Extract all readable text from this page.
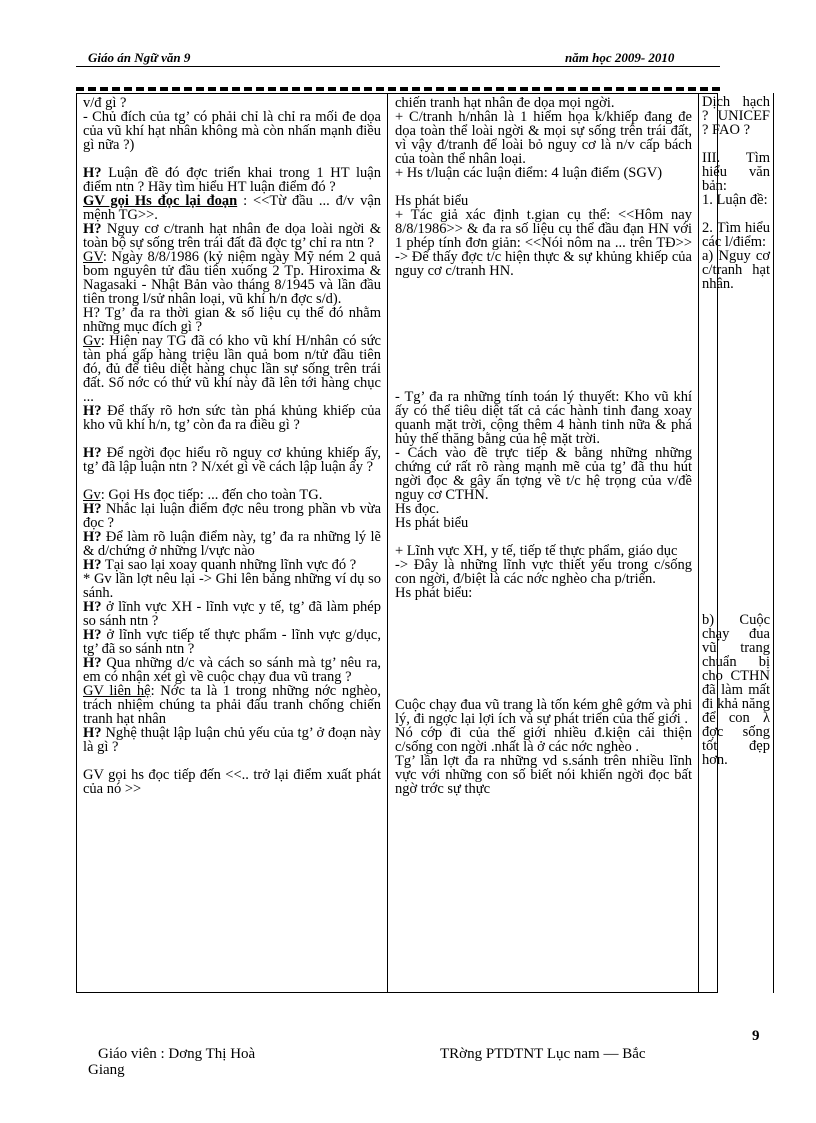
Giáo án Ngữ văn 9	năm học 2009- 2010

v/đ gì ?

- Chủ đích của tg’ có phải chỉ là chỉ ra mối đe dọa của vũ khí hạt nhân không mà còn nhấn mạnh điều gì nữa ?)

H? Luận đề đó đợc triển khai trong 1 HT luận điểm ntn ? Hãy tìm hiểu HT luận điểm đó ?

GV gọi Hs đọc lại đoạn : <<Từ đầu ... đ/v vận mệnh TG>>.

H? Nguy cơ c/tranh hạt nhân đe dọa loài ngời & toàn bộ sự sống trên trái đất đã đợc tg’ chỉ ra ntn ?

GV: Ngày 8/8/1986 (kỷ niệm ngày Mỹ ném 2 quả bom nguyên tử đầu tiên xuống 2 Tp. Hiroxima & Nagasaki - Nhật Bản vào tháng 8/1945 và lần đầu tiên trong l/sử nhân loại, vũ khí h/n đợc s/d).

H? Tg’ đa ra thời gian & số liệu cụ thể đó nhằm những mục đích gì ?

Gv: Hiện nay TG đã có kho vũ khí H/nhân có sức tàn phá gấp hàng triệu lần quả bom n/tử đầu tiên đó, đủ để tiêu diệt hàng chục lần sự sống trên trái đất. Số nớc có thứ vũ khí này đã lên tới hàng chục ...

H? Để thấy rõ hơn sức tàn phá khủng khiếp của kho vũ khí h/n, tg’ còn đa ra điều gì ?

H? Để ngời đọc hiểu rõ nguy cơ khủng khiếp ấy, tg’ đã lập luận ntn ? N/xét gì về cách lập luận ấy ?

Gv: Gọi Hs đọc tiếp: ... đến cho toàn TG.

H? Nhắc lại luận điểm đợc nêu trong phần vb vừa đọc ?

H? Để làm rõ luận điểm này, tg’ đa ra những lý lẽ & d/chứng ở những l/vực nào

H? Tại sao lại xoay quanh những lĩnh vực đó ?

* Gv lần lợt nêu lại -> Ghi lên bảng những ví dụ so sánh.

H? ở lĩnh vực XH - lĩnh vực y tế, tg’ đã làm phép so sánh ntn ?

H? ở lĩnh vực tiếp tế thực phẩm - lĩnh vực g/dục, tg’ đã so sánh ntn ?

H? Qua những d/c và cách so sánh mà tg’ nêu ra, em có nhận xét gì về cuộc chạy đua vũ trang ?

GV liên hệ: Nớc ta là 1 trong những nớc nghèo, trách nhiệm chúng ta phải đấu tranh chống chiến tranh hạt nhân

H? Nghệ thuật lập luận chủ yếu của tg’ ở đoạn này là gì ?

GV gọi hs đọc tiếp đến <<.. trở lại điểm xuất phát của nó >>

chiến tranh hạt nhân đe dọa mọi ngời.

+ C/tranh h/nhân là 1 hiểm họa k/khiếp đang đe dọa toàn thể loài ngời & mọi sự sống trên trái đất, vì vậy đ/tranh để loài bỏ nguy cơ là n/v cấp bách của toàn thể nhân loại.

+ Hs t/luận các luận điểm: 4 luận điểm (SGV)

Hs phát biểu

+ Tác giả xác định t.gian cụ thể: <<Hôm nay 8/8/1986>> & đa ra số liệu cụ thể đầu đạn HN với 1 phép tính đơn giản: <<Nói nôm na ... trên TĐ>> -> Để thấy đợc t/c hiện thực & sự khủng khiếp của nguy cơ c/tranh HN.

- Tg’ đa ra những tính toán lý thuyết: Kho vũ khí ấy có thể tiêu diệt tất cả các hành tinh đang xoay quanh mặt trời, cộng thêm 4 hành tinh nữa & phá hủy thế thăng bằng của hệ mặt trời.

- Cách vào đề trực tiếp & bằng những những chứng cứ rất rõ ràng mạnh mẽ của tg’ đã thu hút ngời đọc & gây ấn tợng về t/c hệ trọng của v/đề nguy cơ CTHN.

Hs đọc.

Hs phát biểu

+ Lĩnh vực XH, y tế, tiếp tế thực phẩm, giáo dục

-> Đây là những lĩnh vực thiết yếu trong c/sống con ngời, đ/biệt là các nớc nghèo cha p/triển.

Hs phát biểu:

Cuộc chạy đua vũ trang là tốn kém ghê gớm và phi lý, đi ngợc lại lợi ích và sự phát triển của thế giới .

Nó cớp đi của thế giới nhiều đ.kiện cải thiện c/sống con ngời .nhất là ở các nớc nghèo .

Tg’ lần lợt đa ra những vd s.sánh trên nhiều lĩnh vực với những con số biết nói khiến ngời đọc bất ngờ trớc sự thực

Dịch hạch ? UNICEF ? FAO ?

III. Tìm hiểu văn bản:

1. Luận đề:

2. Tìm hiểu các l/điểm:

a) Nguy cơ c/tranh hạt nhân.

b) Cuộc chạy đua vũ trang chuẩn bị cho CTHN đã làm mất đi khả năng để con λ đợc sống tốt đẹp hơn.

9
Giáo viên : Dơng Thị Hoà	TRờng PTDTNT Lục nam — Bắc
Giang
